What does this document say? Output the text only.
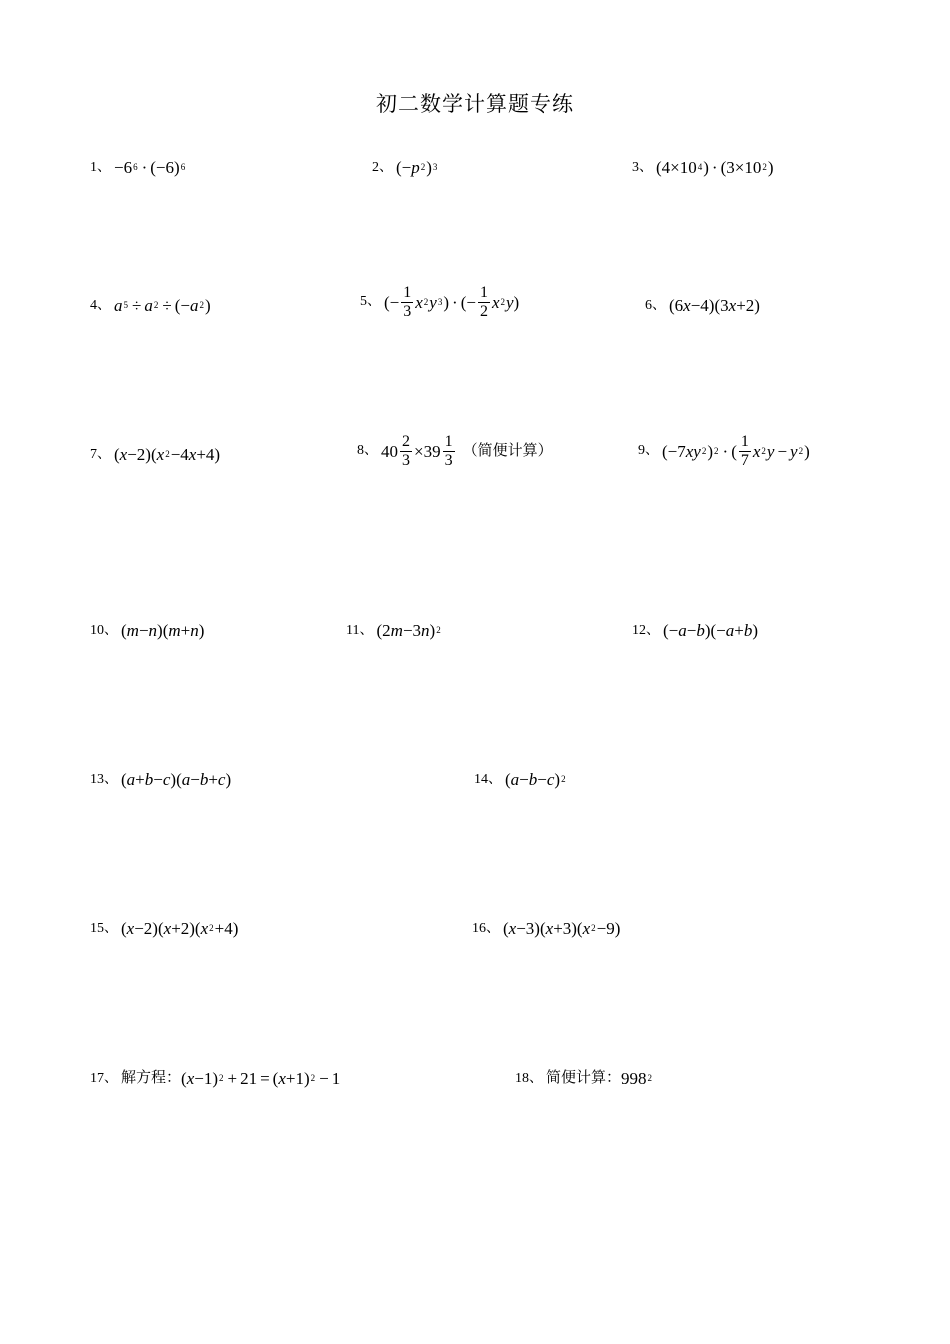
初二数学计算题专练
1、 −6 6 · (−6) 6	2、 (− p 2 ) 3	3、 (4×10 4 ) · (3×10 2 )
4、 a 5 ÷ a 2 ÷ (− a 2 )	5、 (− $\frac{1}{3}$ x 2 y 3 ) · (− $\frac{1}{2}$ x 2 y )	6、 (6 x −4)(3 x +2)
7、 ( x −2)( x 2 −4 x +4)	8、 $40 \frac{2}{3} \times 39 \frac{1}{3}$ （简便计算）	9、 (−7 xy 2 ) 2 · ( $\frac{1}{7}$ x 2 y − y 2 )
10、 ( m − n )( m + n )	11、 (2 m −3 n ) 2	12、 (− a − b )(− a + b )
13、 ( a + b − c )( a − b + c )	14、 ( a − b − c ) 2
15、 ( x −2)( x +2)( x 2 +4)	16、 ( x −3)( x +3)( x 2 −9)
17、 解方程： ( x −1) 2 + 21 = ( x +1) 2 − 1	18、 简便计算： 998 2
